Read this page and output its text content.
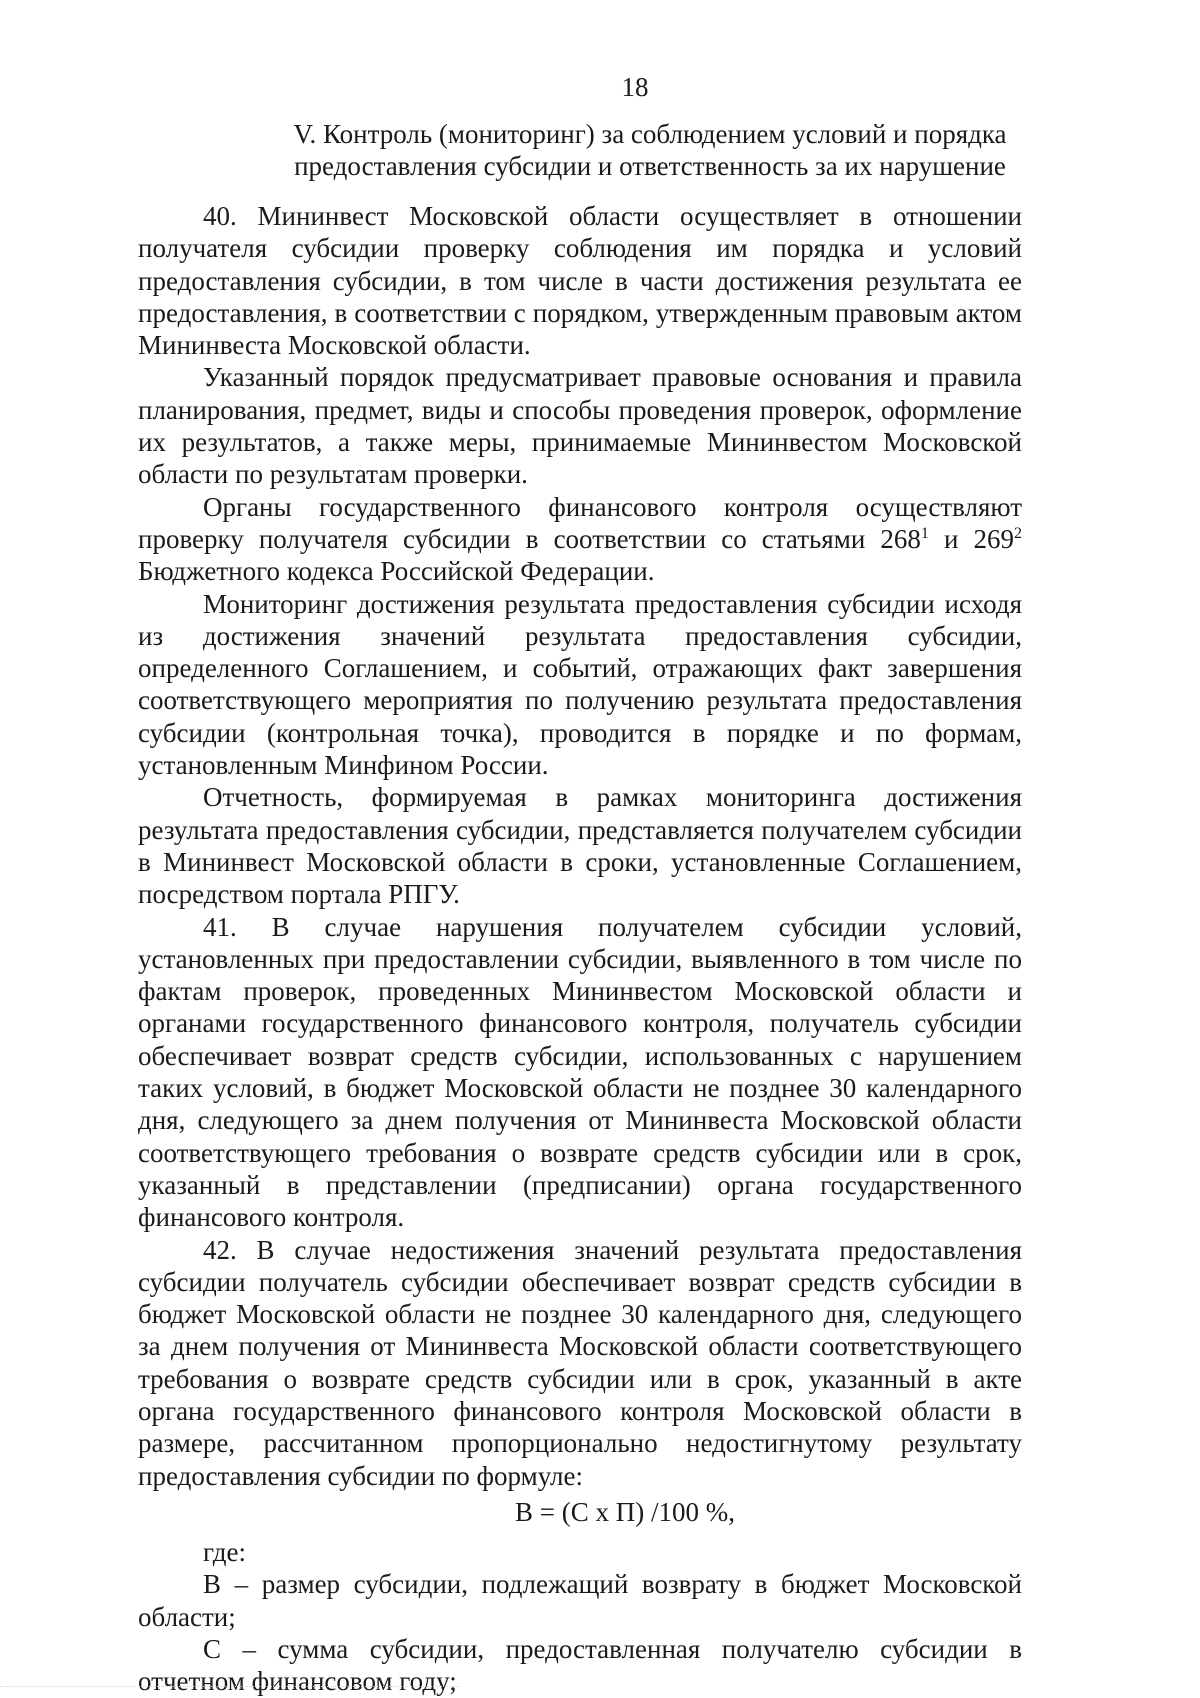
18
V. Контроль (мониторинг) за соблюдением условий и порядка
предоставления субсидии и ответственность за их нарушение

40. Мининвест Московской области осуществляет в отношении получателя субсидии проверку соблюдения им порядка и условий предоставления субсидии, в том числе в части достижения результата ее предоставления, в соответствии с порядком, утвержденным правовым актом Мининвеста Московской области.

Указанный порядок предусматривает правовые основания и правила планирования, предмет, виды и способы проведения проверок, оформление их результатов, а также меры, принимаемые Мининвестом Московской области по результатам проверки.

Органы государственного финансового контроля осуществляют проверку получателя субсидии в соответствии со статьями $268^1$ и $269^2$ Бюджетного кодекса Российской Федерации.

Мониторинг достижения результата предоставления субсидии исходя из достижения значений результата предоставления субсидии, определенного Соглашением, и событий, отражающих факт завершения соответствующего мероприятия по получению результата предоставления субсидии (контрольная точка), проводится в порядке и по формам, установленным Минфином России.

Отчетность, формируемая в рамках мониторинга достижения результата предоставления субсидии, представляется получателем субсидии в Мининвест Московской области в сроки, установленные Соглашением, посредством портала РПГУ.

41. В случае нарушения получателем субсидии условий, установленных при предоставлении субсидии, выявленного в том числе по фактам проверок, проведенных Мининвестом Московской области и органами государственного финансового контроля, получатель субсидии обеспечивает возврат средств субсидии, использованных с нарушением таких условий, в бюджет Московской области не позднее 30 календарного дня, следующего за днем получения от Мининвеста Московской области соответствующего требования о возврате средств субсидии или в срок, указанный в представлении (предписании) органа государственного финансового контроля.

42. В случае недостижения значений результата предоставления субсидии получатель субсидии обеспечивает возврат средств субсидии в бюджет Московской области не позднее 30 календарного дня, следующего за днем получения от Мининвеста Московской области соответствующего требования о возврате средств субсидии или в срок, указанный в акте органа государственного финансового контроля Московской области в размере, рассчитанном пропорционально недостигнутому результату предоставления субсидии по формуле:

В = (С х П) /100 %,

где:

В – размер субсидии, подлежащий возврату в бюджет Московской области;

С – сумма субсидии, предоставленная получателю субсидии в отчетном финансовом году;
